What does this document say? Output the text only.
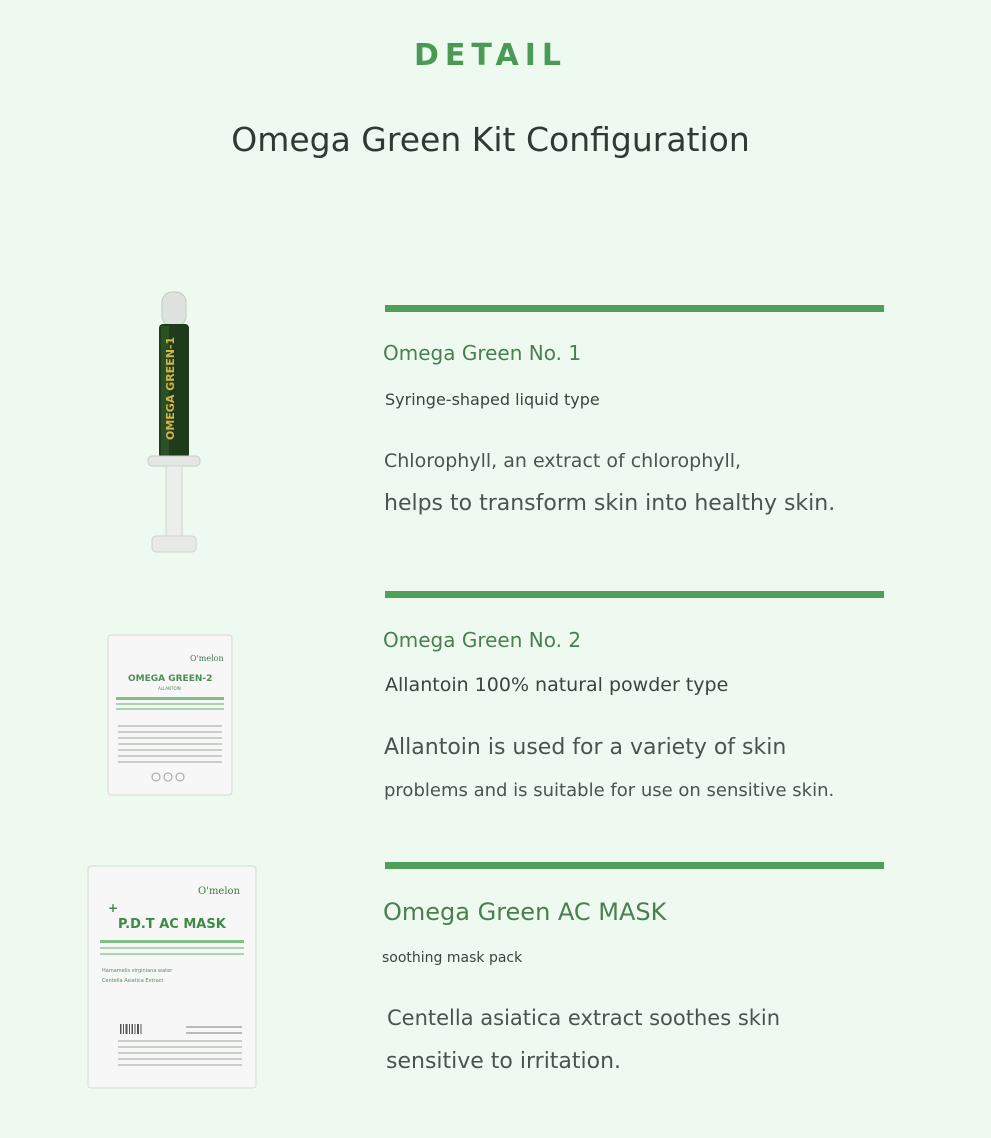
DETAIL
Omega Green Kit Configuration
OMEGA GREEN-1	Omega Green No. 1
Syringe-shaped liquid type
Chlorophyll, an extract of chlorophyll,
helps to transform skin into healthy skin.
O'melon
OMEGA GREEN-2
ALLANTOIN
Omega Green No. 2
Allantoin 100% natural powder type
Allantoin is used for a variety of skin
problems and is suitable for use on sensitive skin.
O'melon
+
P.D.T AC MASK
Hamamelis virginiana water
Centella Asiatica Extract
Omega Green AC MASK
soothing mask pack
Centella asiatica extract soothes skin
sensitive to irritation.
